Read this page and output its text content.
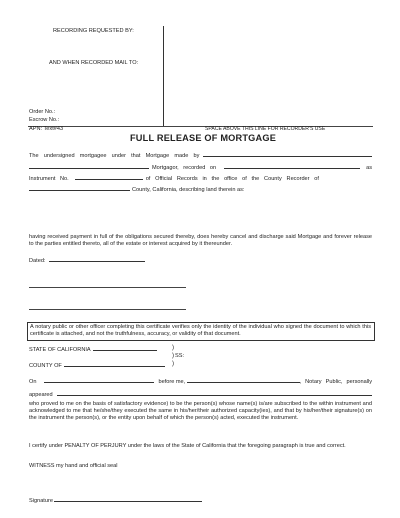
RECORDING REQUESTED BY:
AND WHEN RECORDED MAIL TO:
Order No.:
Escrow No.:
APN: Text#43	SPACE ABOVE THIS LINE FOR RECORDER'S USE
FULL RELEASE OF MORTGAGE
The undersigned mortgagee under that Mortgage made by
Mortgagor, recorded on	as
Instrument No.	of Official Records in the office of the County Recorder of
County, California, describing land therein as:
having received payment in full of the obligations secured thereby, does hereby cancel and discharge said Mortgage and forever release to the parties entitled thereto, all of the estate or interest acquired by it thereunder.
Dated:
A notary public or other officer completing this certificate verifies only the identity of the individual who signed the document to which this certificate is attached, and not the truthfulness, accuracy, or validity of that document.
STATE OF CALIFORNIA	)
) SS:
)
COUNTY OF
On	before me,	, Notary Public, personally
appeared
who proved to me on the basis of satisfactory evidence) to be the person(s) whose name(s) is/are subscribed to the within instrument and acknowledged to me that he/she/they executed the same in his/her/their authorized capacity(ies), and that by his/her/their signature(s) on the instrument the person(s), or the entity upon behalf of which the person(s) acted, executed the instrument.
I certify under PENALTY OF PERJURY under the laws of the State of California that the foregoing paragraph is true and correct.
WITNESS my hand and official seal
Signature
